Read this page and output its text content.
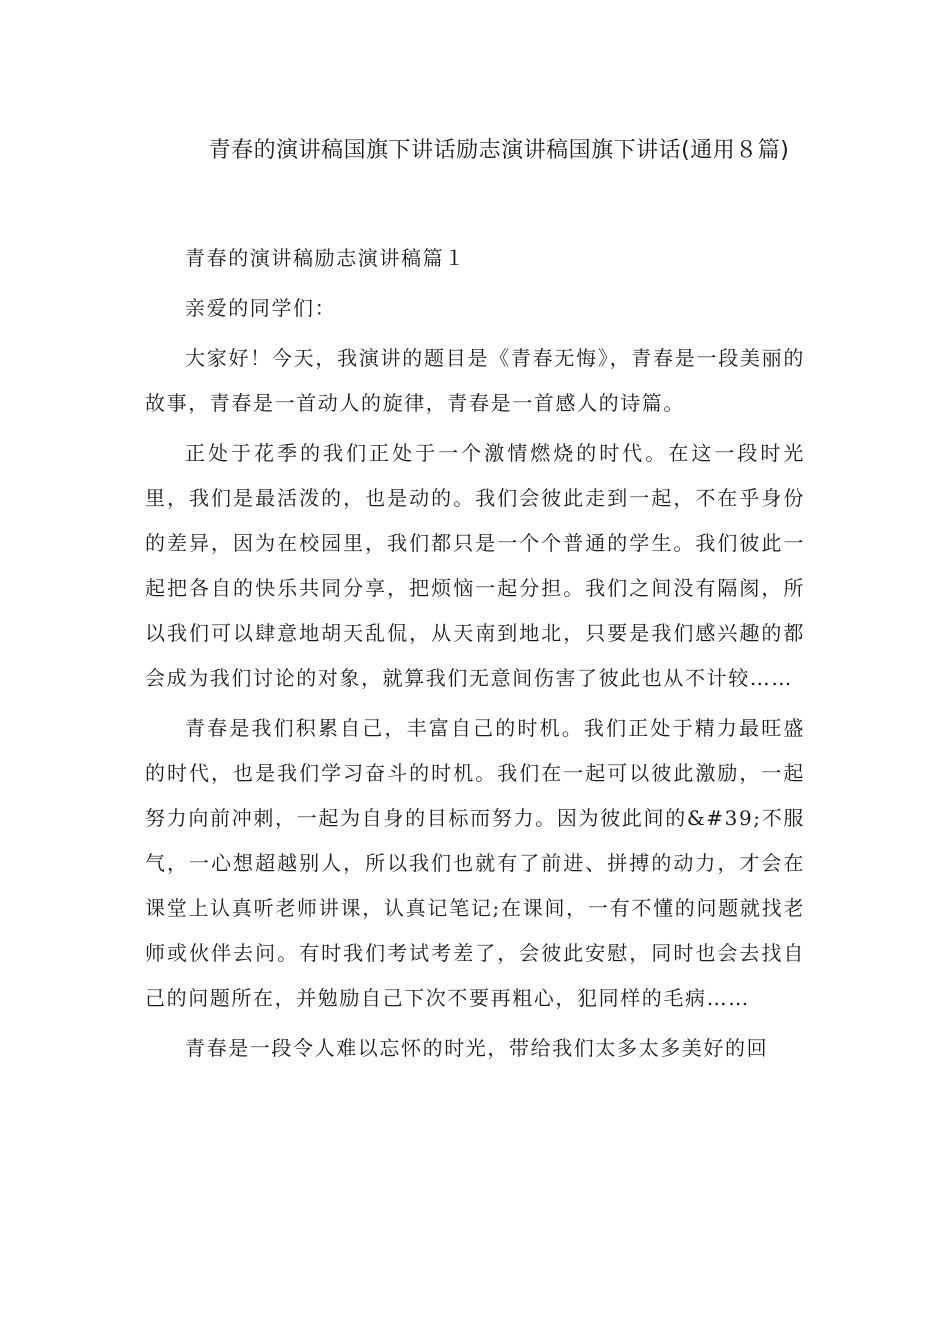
青春的演讲稿国旗下讲话励志演讲稿国旗下讲话(通用８篇)

青春的演讲稿励志演讲稿篇１

亲爱的同学们：

大家好！今天，我演讲的题目是《青春无悔》，青春是一段美丽的故事，青春是一首动人的旋律，青春是一首感人的诗篇。

正处于花季的我们正处于一个激情燃烧的时代。在这一段时光里，我们是最活泼的，也是动的。我们会彼此走到一起，不在乎身份的差异，因为在校园里，我们都只是一个个普通的学生。我们彼此一起把各自的快乐共同分享，把烦恼一起分担。我们之间没有隔阂，所以我们可以肆意地胡天乱侃，从天南到地北，只要是我们感兴趣的都会成为我们讨论的对象，就算我们无意间伤害了彼此也从不计较……

青春是我们积累自己，丰富自己的时机。我们正处于精力最旺盛的时代，也是我们学习奋斗的时机。我们在一起可以彼此激励，一起努力向前冲刺，一起为自身的目标而努力。因为彼此间的&#39;不服气，一心想超越别人，所以我们也就有了前进、拼搏的动力，才会在课堂上认真听老师讲课，认真记笔记;在课间，一有不懂的问题就找老师或伙伴去问。有时我们考试考差了，会彼此安慰，同时也会去找自己的问题所在，并勉励自己下次不要再粗心，犯同样的毛病……

青春是一段令人难以忘怀的时光，带给我们太多太多美好的回
